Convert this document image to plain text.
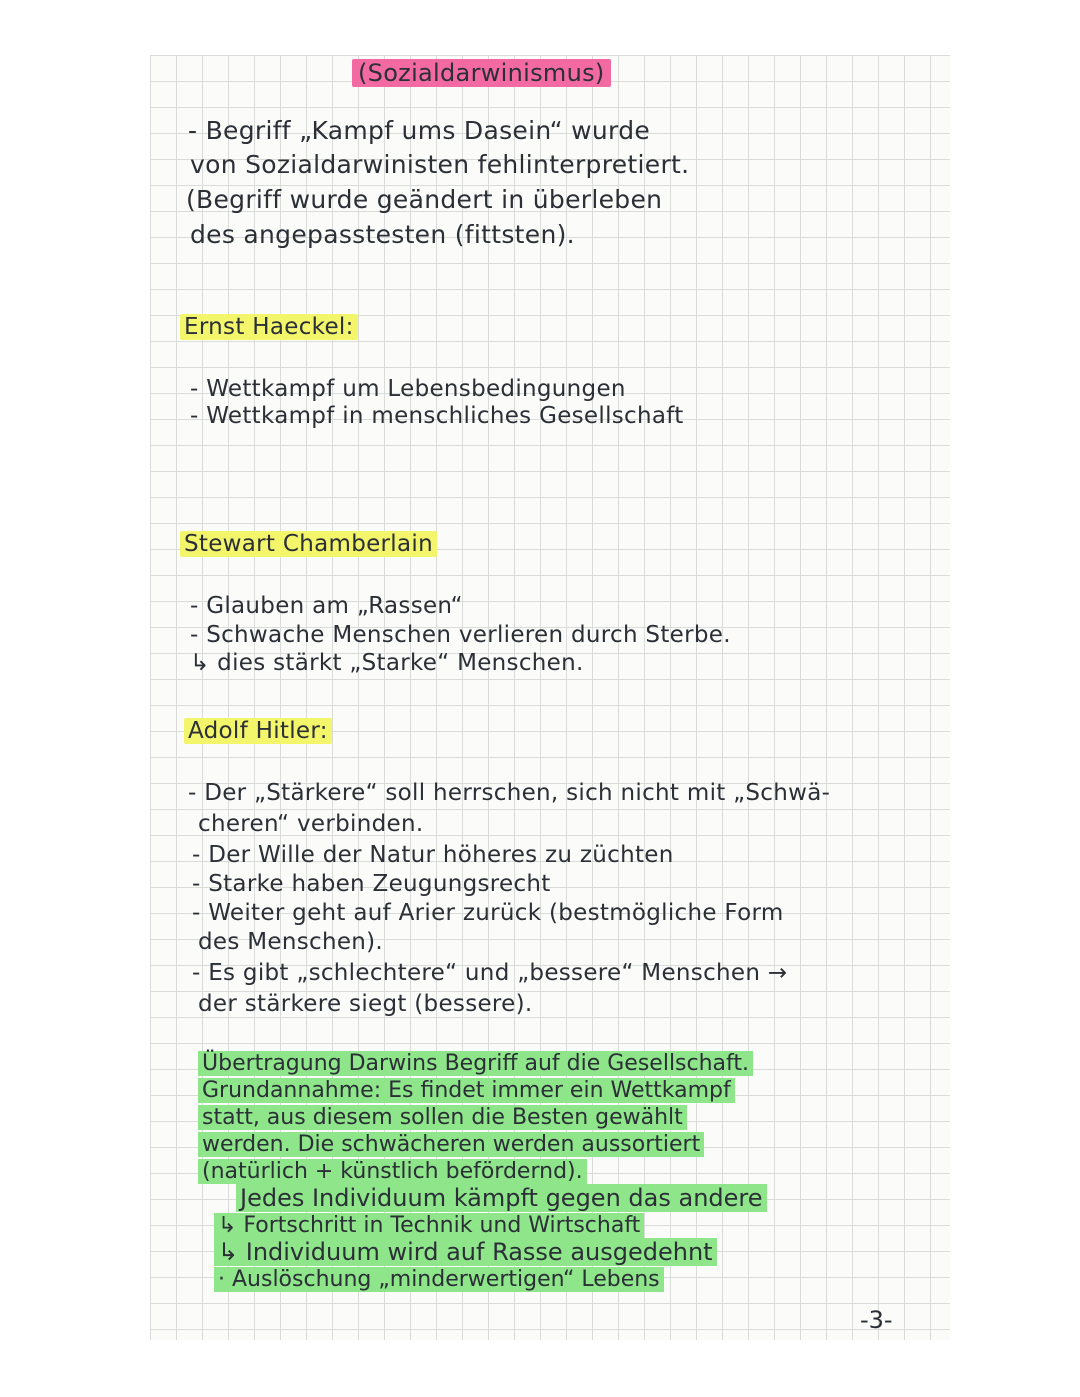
(Sozialdarwinismus)
- Begriff „Kampf ums Dasein“ wurde
von Sozialdarwinisten fehlinterpretiert.
(Begriff wurde geändert in überleben
des angepasstesten (fittsten).
Ernst Haeckel:
- Wettkampf um Lebensbedingungen
- Wettkampf in menschliches Gesellschaft
Stewart Chamberlain
- Glauben am „Rassen“
- Schwache Menschen verlieren durch Sterbe.
↳ dies stärkt „Starke“ Menschen.
Adolf Hitler:
- Der „Stärkere“ soll herrschen, sich nicht mit „Schwä-
cheren“ verbinden.
- Der Wille der Natur höheres zu züchten
- Starke haben Zeugungsrecht
- Weiter geht auf Arier zurück (bestmögliche Form
des Menschen).
- Es gibt „schlechtere“ und „bessere“ Menschen →
der stärkere siegt (bessere).
Übertragung Darwins Begriff auf die Gesellschaft.
Grundannahme: Es findet immer ein Wettkampf
statt, aus diesem sollen die Besten gewählt
werden. Die schwächeren werden aussortiert
(natürlich + künstlich befördernd).
Jedes Individuum kämpft gegen das andere
↳ Fortschritt in Technik und Wirtschaft
↳ Individuum wird auf Rasse ausgedehnt
· Auslöschung „minderwertigen“ Lebens
-3-
